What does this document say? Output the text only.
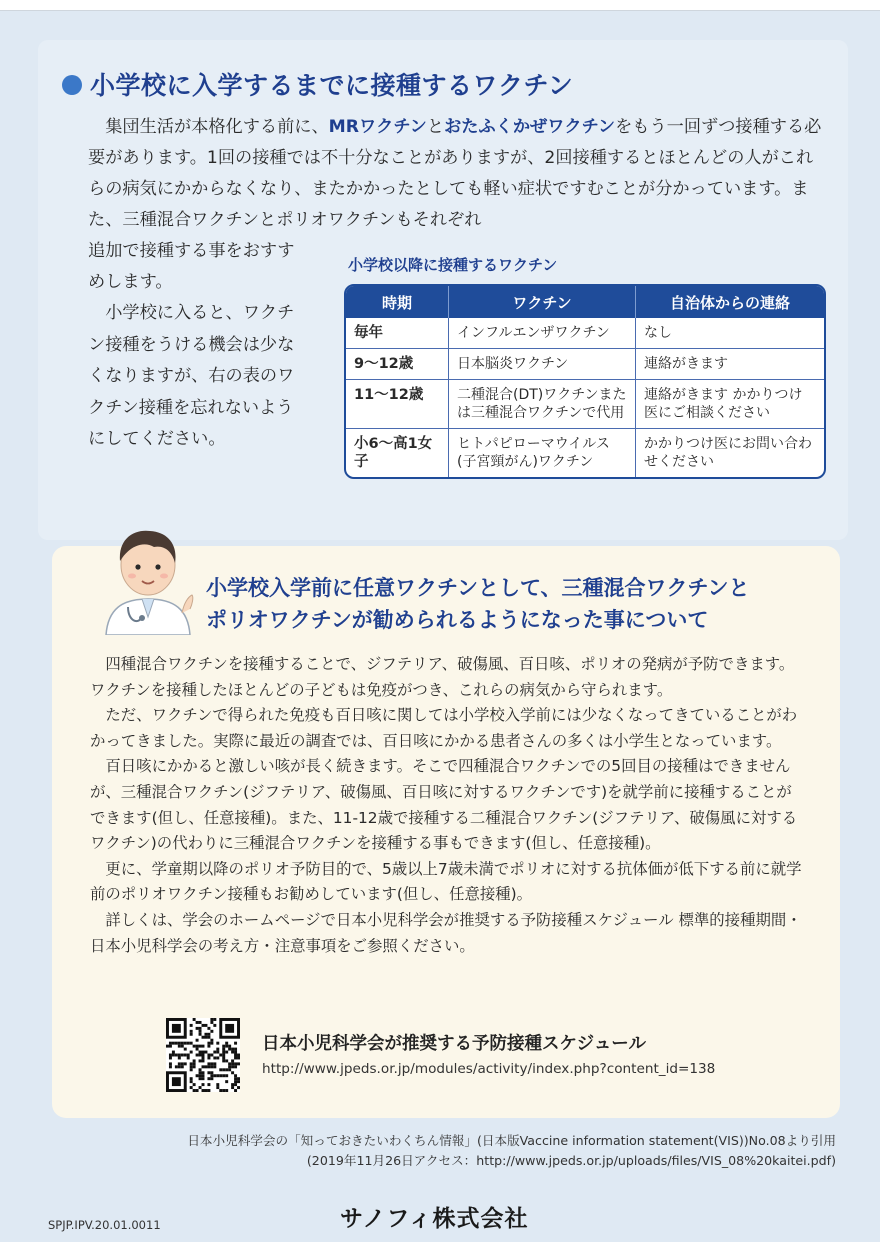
小学校に入学するまでに接種するワクチン

集団生活が本格化する前に、MRワクチンとおたふくかぜワクチンをもう一回ずつ接種する必要があります。1回の接種では不十分なことがありますが、2回接種するとほとんどの人がこれらの病気にかからなくなり、またかかったとしても軽い症状ですむことが分かっています。また、三種混合ワクチンとポリオワクチンもそれぞれ

追加で接種する事をおすすめします。

小学校に入ると、ワクチン接種をうける機会は少なくなりますが、右の表のワクチン接種を忘れないようにしてください。

小学校以降に接種するワクチン
時期	ワクチン	自治体からの連絡
毎年	インフルエンザワクチン	なし
9〜12歳	日本脳炎ワクチン	連絡がきます
11〜12歳	二種混合(DT)ワクチンまたは三種混合ワクチンで代用	連絡がきます かかりつけ医にご相談ください
小6〜高1女子	ヒトパピローマウイルス(子宮頸がん)ワクチン	かかりつけ医にお問い合わせください

小学校入学前に任意ワクチンとして、三種混合ワクチンと
ポリオワクチンが勧められるようになった事について

四種混合ワクチンを接種することで、ジフテリア、破傷風、百日咳、ポリオの発病が予防できます。ワクチンを接種したほとんどの子どもは免疫がつき、これらの病気から守られます。

ただ、ワクチンで得られた免疫も百日咳に関しては小学校入学前には少なくなってきていることがわかってきました。実際に最近の調査では、百日咳にかかる患者さんの多くは小学生となっています。

百日咳にかかると激しい咳が長く続きます。そこで四種混合ワクチンでの5回目の接種はできませんが、三種混合ワクチン(ジフテリア、破傷風、百日咳に対するワクチンです)を就学前に接種することができます(但し、任意接種)。また、11-12歳で接種する二種混合ワクチン(ジフテリア、破傷風に対するワクチン)の代わりに三種混合ワクチンを接種する事もできます(但し、任意接種)。

更に、学童期以降のポリオ予防目的で、5歳以上7歳未満でポリオに対する抗体価が低下する前に就学前のポリオワクチン接種もお勧めしています(但し、任意接種)。

詳しくは、学会のホームページで日本小児科学会が推奨する予防接種スケジュール 標準的接種期間・日本小児科学会の考え方・注意事項をご参照ください。

日本小児科学会が推奨する予防接種スケジュール
http://www.jpeds.or.jp/modules/activity/index.php?content_id=138
日本小児科学会の「知っておきたいわくちん情報」(日本版Vaccine information statement(VIS))No.08より引用
(2019年11月26日アクセス：http://www.jpeds.or.jp/uploads/files/VIS_08%20kaitei.pdf)
SPJP.IPV.20.01.0011	サノフィ株式会社
